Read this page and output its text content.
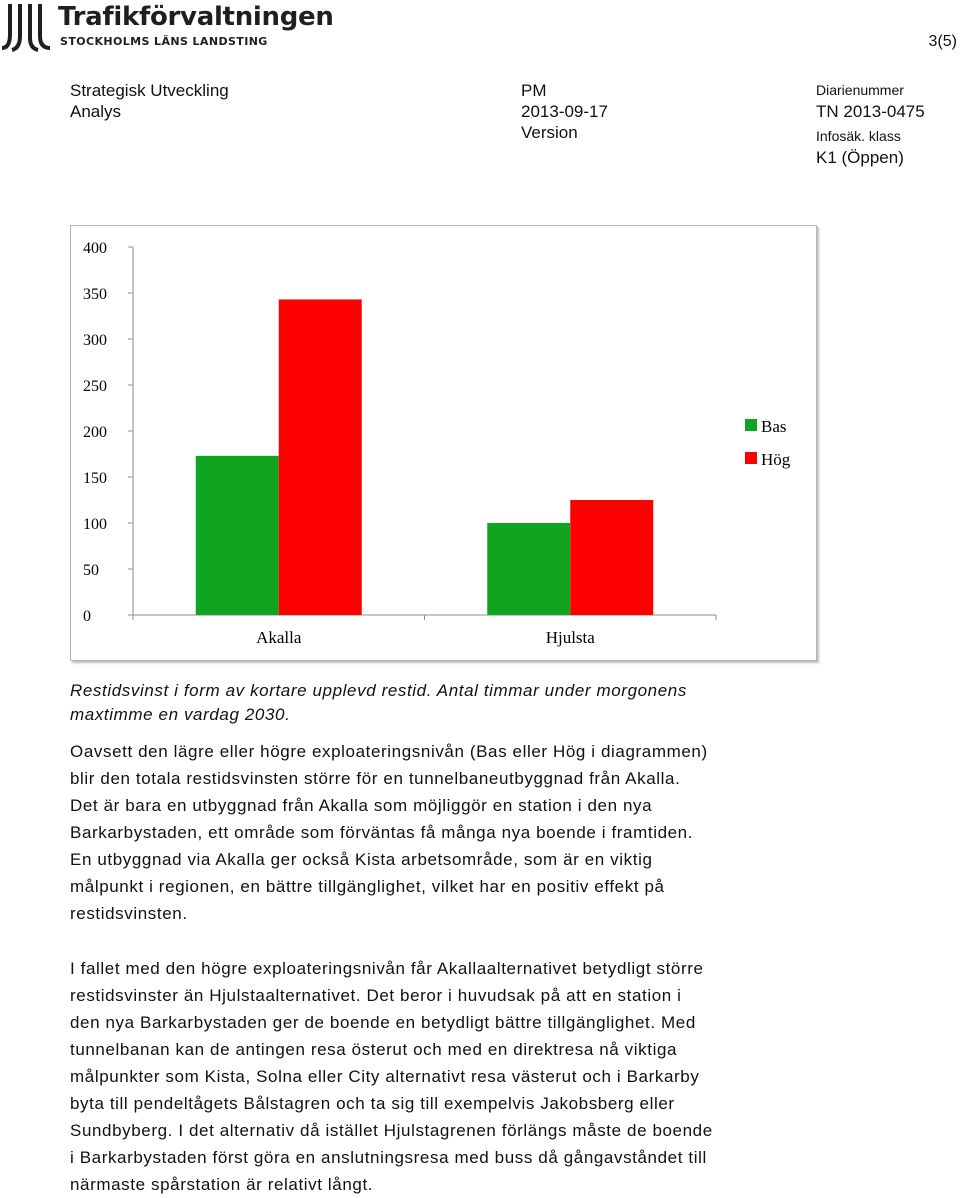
Trafikförvaltningen
STOCKHOLMS LÄNS LANDSTING	3(5)
Strategisk Utveckling
Analys
PM
2013-09-17
Version
Diarienummer
TN 2013-0475
Infosäk. klass
K1 (Öppen)
0
50
100
150
200
250
300
350
400
Akalla	Hjulsta
Bas
Hög
Restidsvinst i form av kortare upplevd restid. Antal timmar under morgonens
maxtimme en vardag 2030.
Oavsett den lägre eller högre exploateringsnivån (Bas eller Hög i diagrammen)
blir den totala restidsvinsten större för en tunnelbaneutbyggnad från Akalla.
Det är bara en utbyggnad från Akalla som möjliggör en station i den nya
Barkarbystaden, ett område som förväntas få många nya boende i framtiden.
En utbyggnad via Akalla ger också Kista arbetsområde, som är en viktig
målpunkt i regionen, en bättre tillgänglighet, vilket har en positiv effekt på
restidsvinsten.
I fallet med den högre exploateringsnivån får Akallaalternativet betydligt större
restidsvinster än Hjulstaalternativet. Det beror i huvudsak på att en station i
den nya Barkarbystaden ger de boende en betydligt bättre tillgänglighet. Med
tunnelbanan kan de antingen resa österut och med en direktresa nå viktiga
målpunkter som Kista, Solna eller City alternativt resa västerut och i Barkarby
byta till pendeltågets Bålstagren och ta sig till exempelvis Jakobsberg eller
Sundbyberg. I det alternativ då istället Hjulstagrenen förlängs måste de boende
i Barkarbystaden först göra en anslutningsresa med buss då gångavståndet till
närmaste spårstation är relativt långt.
